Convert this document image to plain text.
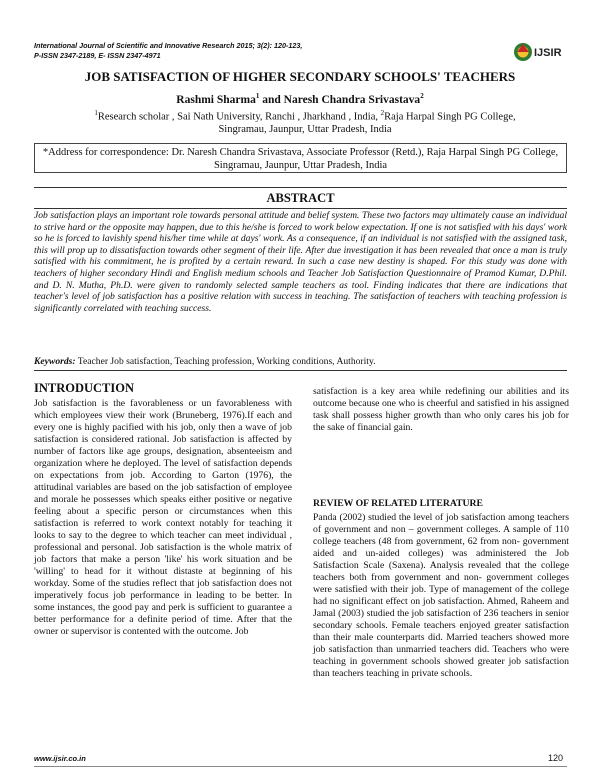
International Journal of Scientific and Innovative Research 2015; 3(2): 120-123,
P-ISSN 2347-2189, E- ISSN 2347-4971	IJSIR
JOB SATISFACTION OF HIGHER SECONDARY SCHOOLS' TEACHERS
Rashmi Sharma$^1$ and Naresh Chandra Srivastava$^2$
$^1$Research scholar , Sai Nath University, Ranchi , Jharkhand , India, $^2$Raja Harpal Singh PG College,
Singramau, Jaunpur, Uttar Pradesh, India
*Address for correspondence: Dr. Naresh Chandra Srivastava, Associate Professor (Retd.), Raja Harpal Singh PG College, Singramau, Jaunpur, Uttar Pradesh, India
ABSTRACT
Job satisfaction plays an important role towards personal attitude and belief system. These two factors may ultimately cause an individual to strive hard or the opposite may happen, due to this he/she is forced to work below expectation. If one is not satisfied with his days' work so he is forced to lavishly spend his/her time while at days' work. As a consequence, if an individual is not satisfied with the assigned task, this will prop up to dissatisfaction towards other segment of their life. After due investigation it has been revealed that once a man is truly satisfied with his commitment, he is profited by a certain reward. In such a case new destiny is shaped. For this study was done with teachers of higher secondary Hindi and English medium schools and Teacher Job Satisfaction Questionnaire of Pramod Kumar, D.Phil. and D. N. Mutha, Ph.D. were given to randomly selected sample teachers as tool. Finding indicates that there are indications that teacher's level of job satisfaction has a positive relation with success in teaching. The satisfaction of teachers with teaching profession is significantly correlated with teaching success.
Keywords: Teacher Job satisfaction, Teaching profession, Working conditions, Authority.
INTRODUCTION
Job satisfaction is the favorableness or un favorableness with which employees view their work (Bruneberg, 1976).If each and every one is highly pacified with his job, only then a wave of job satisfaction is considered rational. Job satisfaction is affected by number of factors like age groups, designation, absenteeism and organization where he deployed. The level of satisfaction depends on expectations from job. According to Garton (1976), the attitudinal variables are based on the job satisfaction of employee and morale he possesses which speaks either positive or negative feeling about a specific person or circumstances when this satisfaction is referred to work context notably for teaching it looks to say to the degree to which teacher can meet individual , professional and personal. Job satisfaction is the whole matrix of job factors that make a person 'like' his work situation and be 'willing' to head for it without distaste at beginning of his workday. Some of the studies reflect that job satisfaction does not imperatively focus job performance in leading to be better. In some instances, the good pay and perk is sufficient to guarantee a better performance for a definite period of time. After that the owner or supervisor is contented with the outcome. Job
satisfaction is a key area while redefining our abilities and its outcome because one who is cheerful and satisfied in his assigned task shall possess higher growth than who only cares his job for the sake of financial gain.
REVIEW OF RELATED LITERATURE
Panda (2002) studied the level of job satisfaction among teachers of government and non – government colleges. A sample of 110 college teachers (48 from government, 62 from non- government aided and un-aided colleges) was administered the Job Satisfaction Scale (Saxena). Analysis revealed that the college teachers both from government and non- government colleges were satisfied with their job. Type of management of the college had no significant effect on job satisfaction. Ahmed, Raheem and Jamal (2003) studied the job satisfaction of 236 teachers in senior secondary schools. Female teachers enjoyed greater satisfaction than their male counterparts did. Married teachers showed more job satisfaction than unmarried teachers did. Teachers who were teaching in government schools showed greater job satisfaction than teachers teaching in private schools.
www.ijsir.co.in	120
